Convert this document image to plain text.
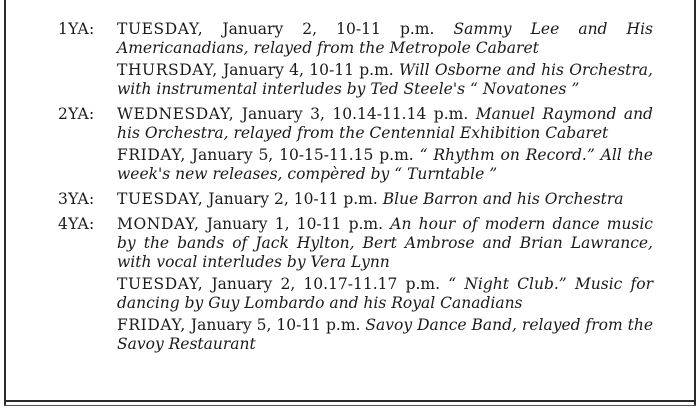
1YA: TUESDAY, January 2, 10-11 p.m. Sammy Lee and His Americanadians, relayed from the Metropole Cabaret
THURSDAY, January 4, 10-11 p.m. Will Osborne and his Orchestra, with instrumental interludes by Ted Steele's “ Novatones ”
2YA: WEDNESDAY, January 3, 10.14-11.14 p.m. Manuel Raymond and his Orchestra, relayed from the Centennial Exhibition Cabaret
FRIDAY, January 5, 10-15-11.15 p.m. “ Rhythm on Record.” All the week's new releases, compèred by “ Turntable ”
3YA: TUESDAY, January 2, 10-11 p.m. Blue Barron and his Orchestra
4YA: MONDAY, January 1, 10-11 p.m. An hour of modern dance music by the bands of Jack Hylton, Bert Ambrose and Brian Lawrance, with vocal interludes by Vera Lynn
TUESDAY, January 2, 10.17-11.17 p.m. “ Night Club.” Music for dancing by Guy Lombardo and his Royal Canadians
FRIDAY, January 5, 10-11 p.m. Savoy Dance Band, relayed from the Savoy Restaurant
